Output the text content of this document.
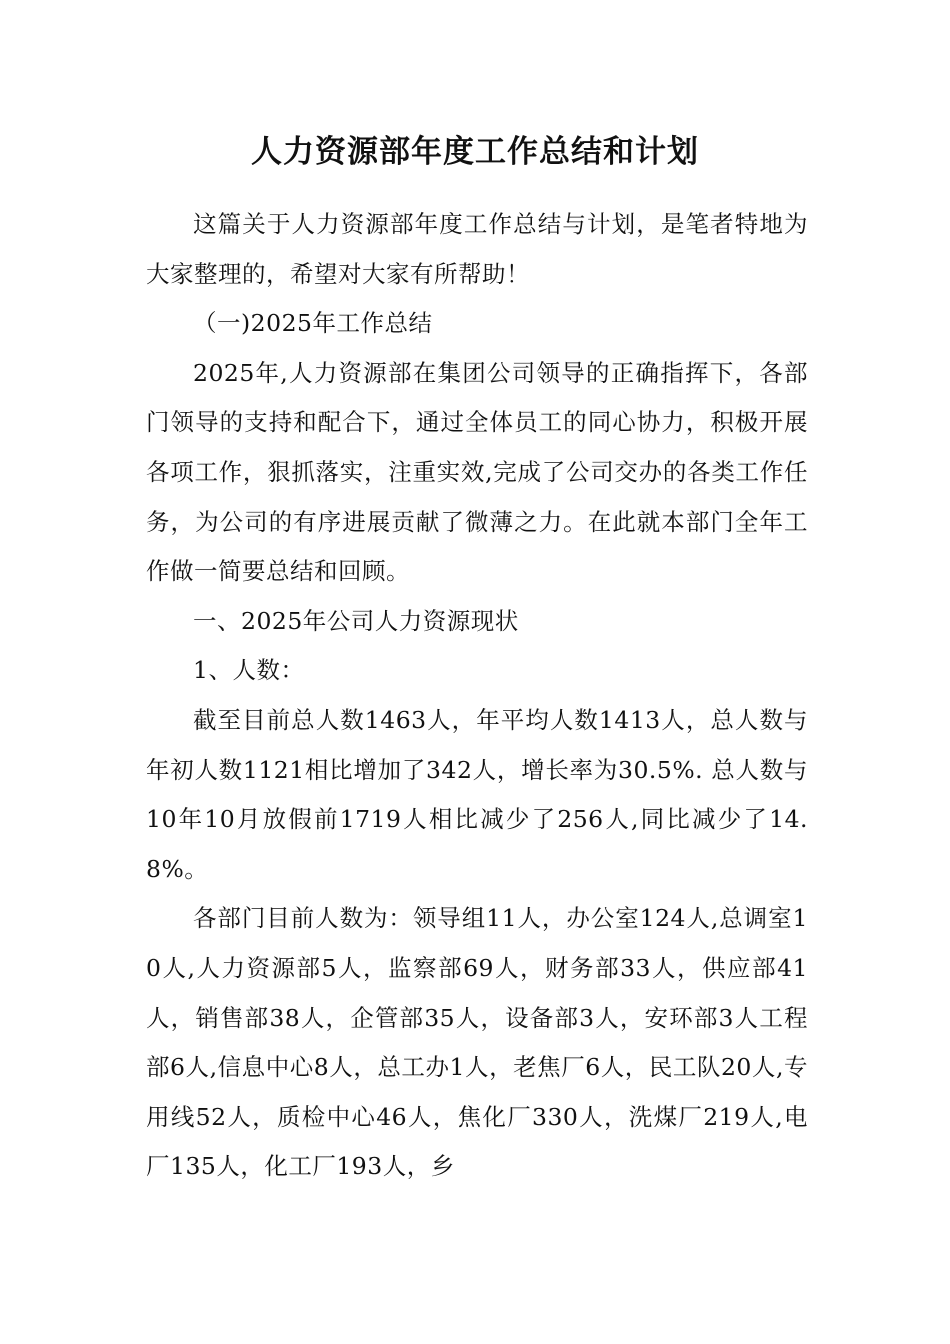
人力资源部年度工作总结和计划

这篇关于人力资源部年度工作总结与计划，是笔者特地为大家整理的，希望对大家有所帮助！

（一)2025年工作总结

2025年,人力资源部在集团公司领导的正确指挥下，各部门领导的支持和配合下，通过全体员工的同心协力，积极开展各项工作，狠抓落实，注重实效,完成了公司交办的各类工作任务，为公司的有序进展贡献了微薄之力。在此就本部门全年工作做一简要总结和回顾。

一、2025年公司人力资源现状

1、人数：

截至目前总人数1463人，年平均人数1413人，总人数与年初人数1121相比增加了342人，增长率为30.5%. 总人数与10年10月放假前1719人相比减少了256人,同比减少了14.8%。

各部门目前人数为：领导组11人，办公室124人,总调室10人,人力资源部5人，监察部69人，财务部33人，供应部41人，销售部38人，企管部35人，设备部3人，安环部3人工程部6人,信息中心8人，总工办1人，老焦厂6人，民工队20人,专用线52人，质检中心46人，焦化厂330人，洗煤厂219人,电厂135人，化工厂193人，乡
